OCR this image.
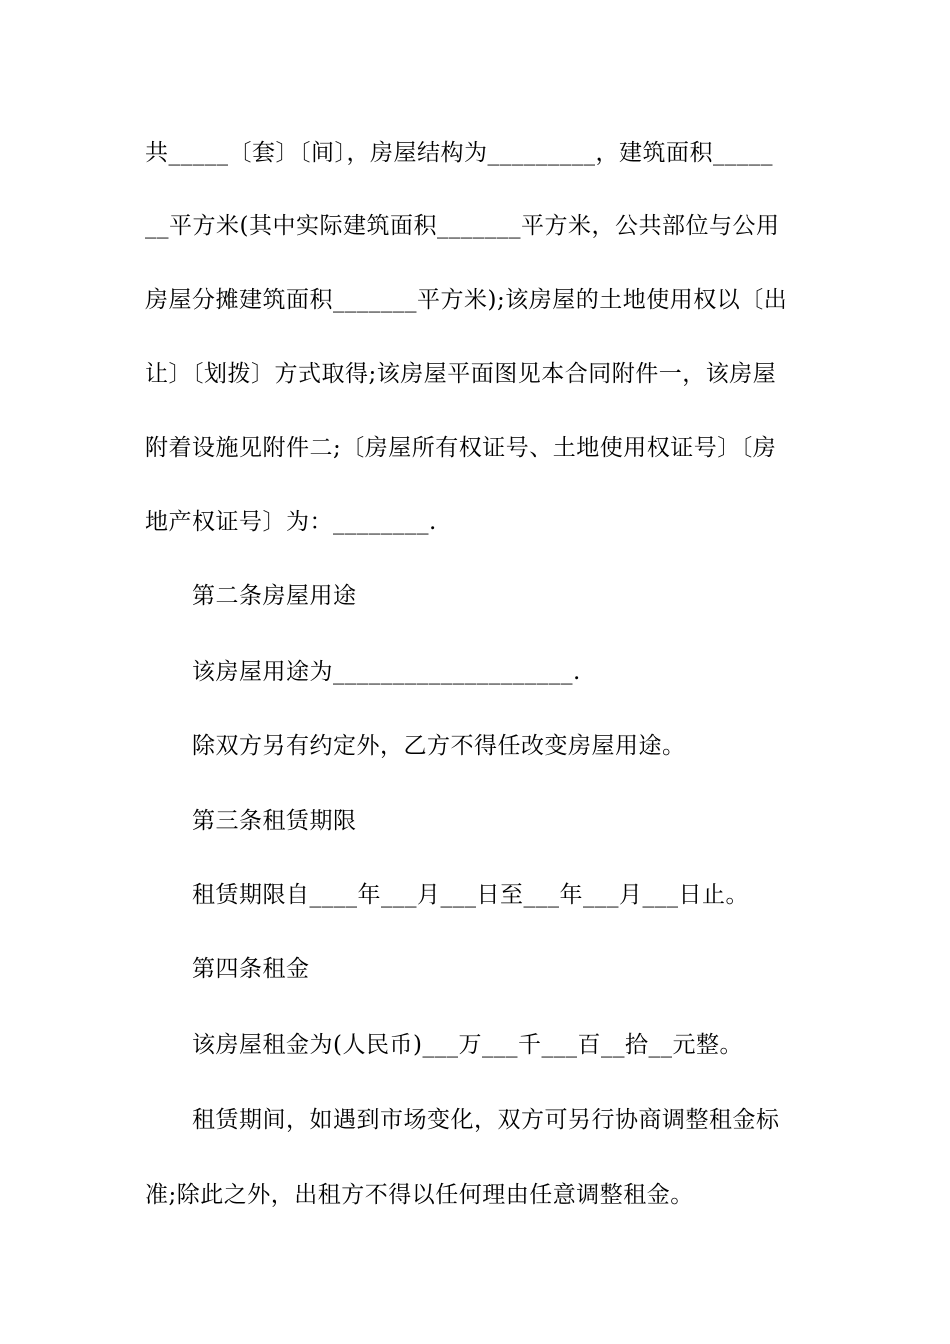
共_____〔套〕〔间〕，房屋结构为_________，建筑面积_____
__平方米(其中实际建筑面积_______平方米，公共部位与公用
房屋分摊建筑面积_______平方米);该房屋的土地使用权以〔出
让〕〔划拨〕方式取得;该房屋平面图见本合同附件一，该房屋
附着设施见附件二;〔房屋所有权证号、土地使用权证号〕〔房
地产权证号〕为：________.
第二条房屋用途
该房屋用途为____________________.
除双方另有约定外，乙方不得任改变房屋用途。
第三条租赁期限
租赁期限自____年___月___日至___年___月___日止。
第四条租金
该房屋租金为(人民币)___万___千___百__拾__元整。
租赁期间，如遇到市场变化，双方可另行协商调整租金标
准;除此之外，出租方不得以任何理由任意调整租金。
